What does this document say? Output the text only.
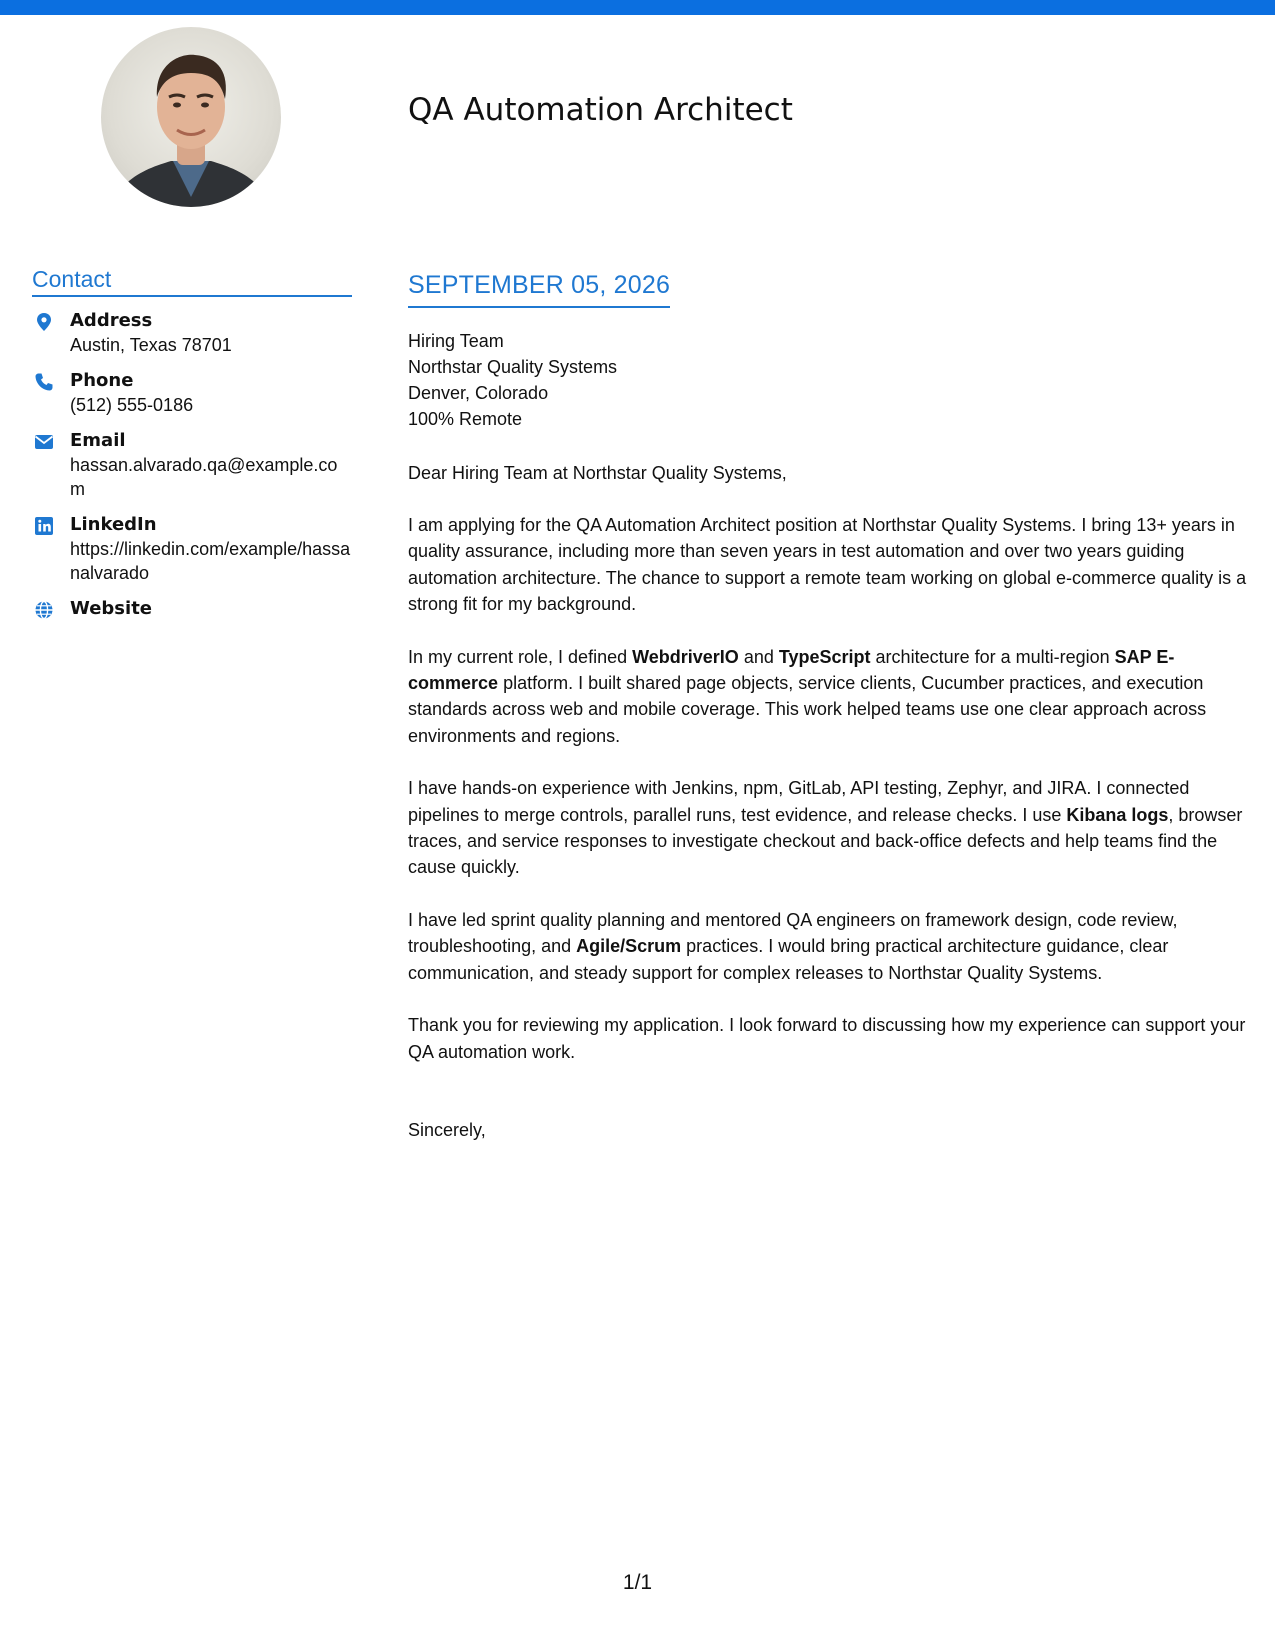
QA Automation Architect
Contact
Address
Austin, Texas 78701
Phone
(512) 555-0186
Email
hassan.alvarado.qa@example.com
LinkedIn
https://linkedin.com/example/hassanalvarado
Website
SEPTEMBER 05, 2026
Hiring Team
Northstar Quality Systems
Denver, Colorado
100% Remote
Dear Hiring Team at Northstar Quality Systems,
I am applying for the QA Automation Architect position at Northstar Quality Systems. I bring 13+ years in quality assurance, including more than seven years in test automation and over two years guiding automation architecture. The chance to support a remote team working on global e-commerce quality is a strong fit for my background.
In my current role, I defined WebdriverIO and TypeScript architecture for a multi-region SAP E-commerce platform. I built shared page objects, service clients, Cucumber practices, and execution standards across web and mobile coverage. This work helped teams use one clear approach across environments and regions.
I have hands-on experience with Jenkins, npm, GitLab, API testing, Zephyr, and JIRA. I connected pipelines to merge controls, parallel runs, test evidence, and release checks. I use Kibana logs, browser traces, and service responses to investigate checkout and back-office defects and help teams find the cause quickly.
I have led sprint quality planning and mentored QA engineers on framework design, code review, troubleshooting, and Agile/Scrum practices. I would bring practical architecture guidance, clear communication, and steady support for complex releases to Northstar Quality Systems.
Thank you for reviewing my application. I look forward to discussing how my experience can support your QA automation work.
Sincerely,
1/1
